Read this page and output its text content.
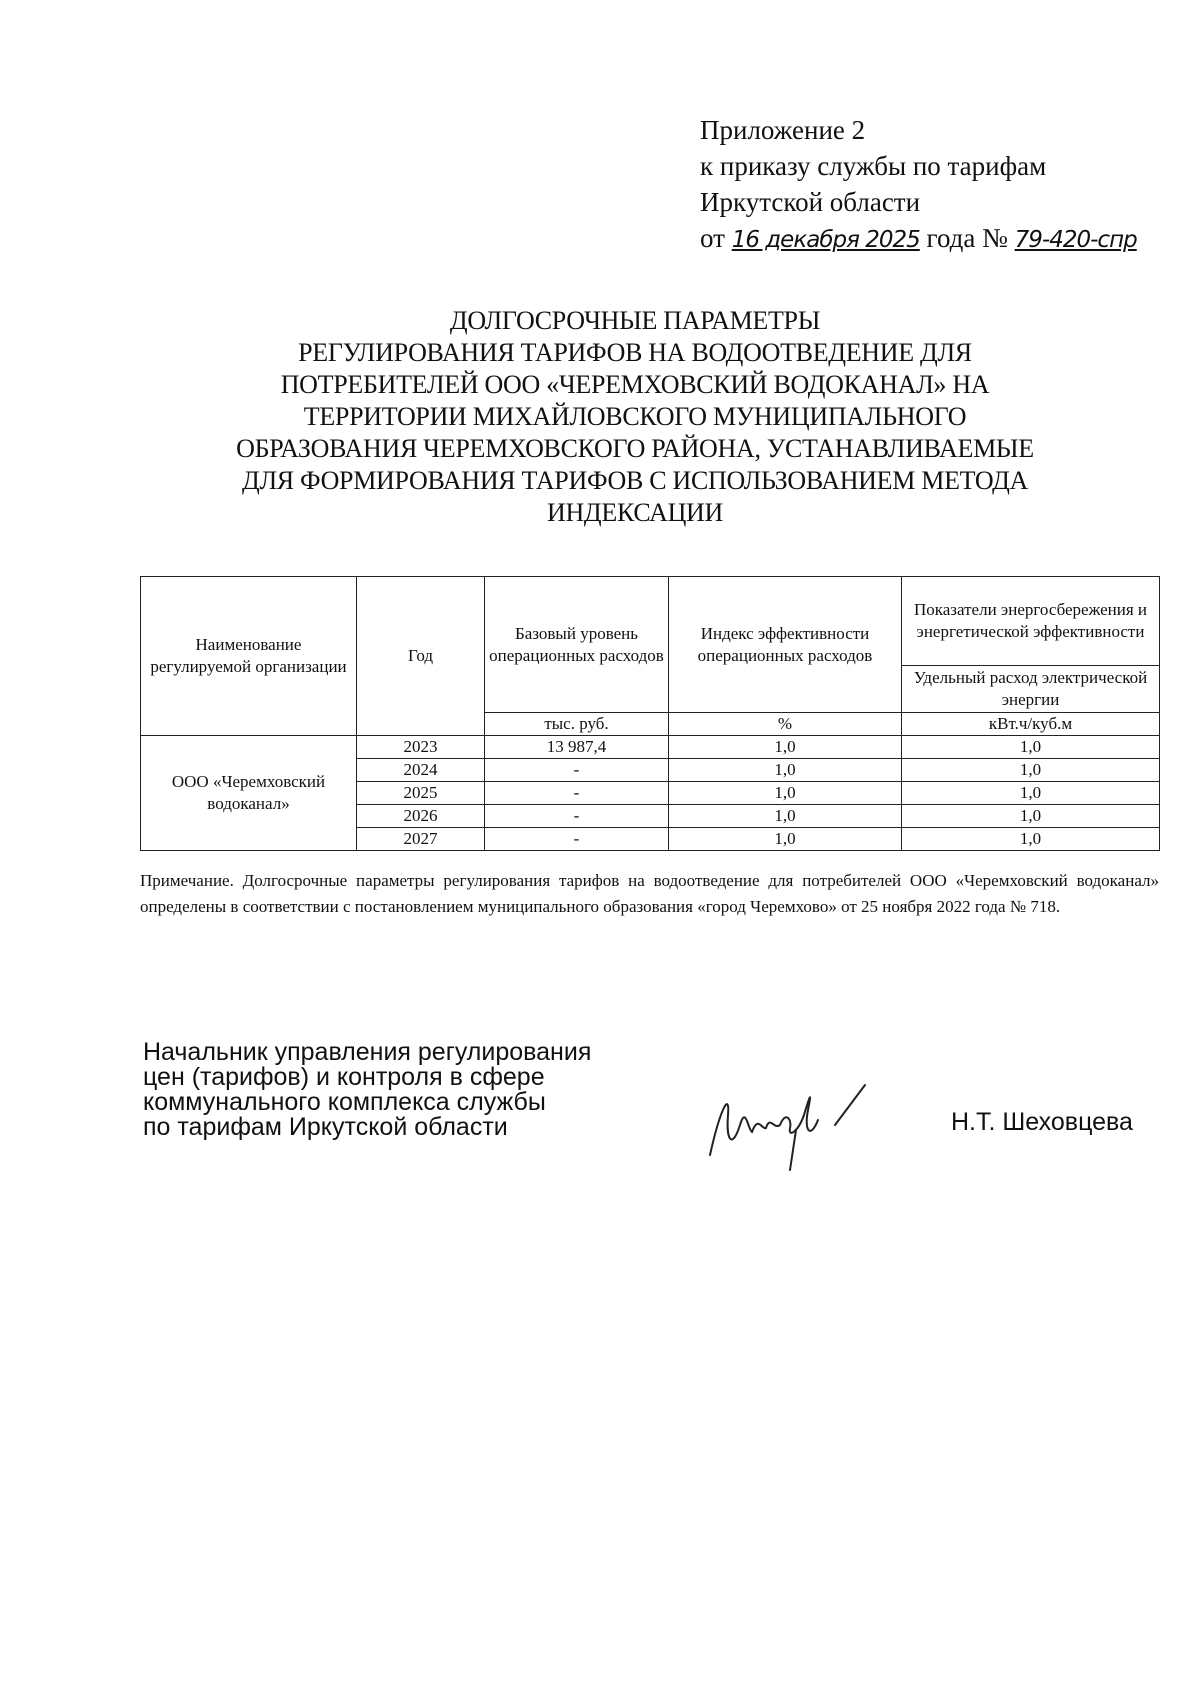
Приложение 2
к приказу службы по тарифам
Иркутской области
от 16 декабря 2025 года № 79-420-спр
ДОЛГОСРОЧНЫЕ ПАРАМЕТРЫ
РЕГУЛИРОВАНИЯ ТАРИФОВ НА ВОДООТВЕДЕНИЕ ДЛЯ
ПОТРЕБИТЕЛЕЙ ООО «ЧЕРЕМХОВСКИЙ ВОДОКАНАЛ» НА
ТЕРРИТОРИИ МИХАЙЛОВСКОГО МУНИЦИПАЛЬНОГО
ОБРАЗОВАНИЯ ЧЕРЕМХОВСКОГО РАЙОНА, УСТАНАВЛИВАЕМЫЕ
ДЛЯ ФОРМИРОВАНИЯ ТАРИФОВ С ИСПОЛЬЗОВАНИЕМ МЕТОДА
ИНДЕКСАЦИИ
Наименование регулируемой организации	Год	Базовый уровень операционных расходов	Индекс эффективности операционных расходов	Показатели энергосбережения и энергетической эффективности
				Удельный расход электрической энергии
		тыс. руб.	%	кВт.ч/куб.м
ООО «Черемховский водоканал»	2023	13 987,4	1,0	1,0
	2024	-	1,0	1,0
	2025	-	1,0	1,0
	2026	-	1,0	1,0
	2027	-	1,0	1,0
Примечание. Долгосрочные параметры регулирования тарифов на водоотведение для потребителей ООО «Черемховский водоканал» определены в соответствии с постановлением муниципального образования «город Черемхово» от 25 ноября 2022 года № 718.
Начальник управления регулирования
цен (тарифов) и контроля в сфере
коммунального комплекса службы
по тарифам Иркутской области	Н.Т. Шеховцева
